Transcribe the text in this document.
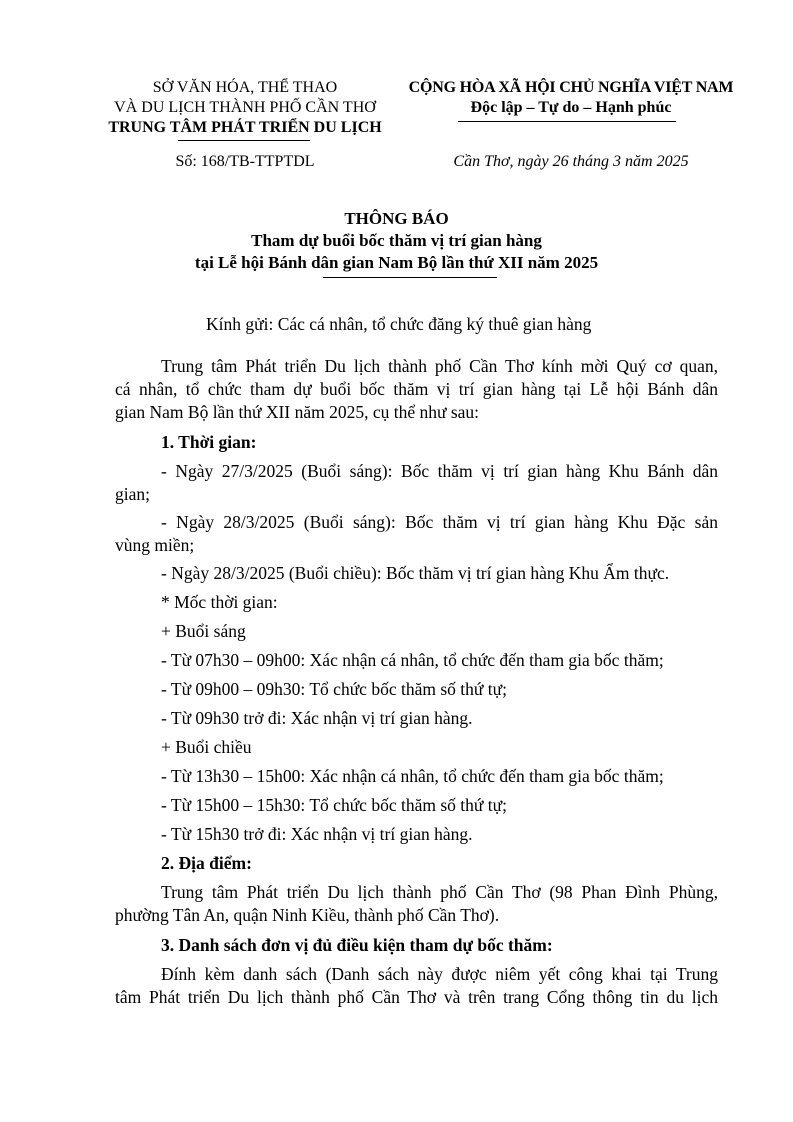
SỞ VĂN HÓA, THỂ THAO
VÀ DU LỊCH THÀNH PHỐ CẦN THƠ
TRUNG TÂM PHÁT TRIỂN DU LỊCH
Số: 168/TB-TTPTDL
CỘNG HÒA XÃ HỘI CHỦ NGHĨA VIỆT NAM
Độc lập – Tự do – Hạnh phúc
Cần Thơ, ngày 26 tháng 3 năm 2025
THÔNG BÁO
Tham dự buổi bốc thăm vị trí gian hàng
tại Lễ hội Bánh dân gian Nam Bộ lần thứ XII năm 2025
Kính gửi: Các cá nhân, tổ chức đăng ký thuê gian hàng
Trung tâm Phát triển Du lịch thành phố Cần Thơ kính mời Quý cơ quan,
cá nhân, tổ chức tham dự buổi bốc thăm vị trí gian hàng tại Lễ hội Bánh dân
gian Nam Bộ lần thứ XII năm 2025, cụ thể như sau:
1. Thời gian:
- Ngày 27/3/2025 (Buổi sáng): Bốc thăm vị trí gian hàng Khu Bánh dân
gian;
- Ngày 28/3/2025 (Buổi sáng): Bốc thăm vị trí gian hàng Khu Đặc sản
vùng miền;
- Ngày 28/3/2025 (Buổi chiều): Bốc thăm vị trí gian hàng Khu Ẩm thực.
* Mốc thời gian:
+ Buổi sáng
- Từ 07h30 – 09h00: Xác nhận cá nhân, tổ chức đến tham gia bốc thăm;
- Từ 09h00 – 09h30: Tổ chức bốc thăm số thứ tự;
- Từ 09h30 trở đi: Xác nhận vị trí gian hàng.
+ Buổi chiều
- Từ 13h30 – 15h00: Xác nhận cá nhân, tổ chức đến tham gia bốc thăm;
- Từ 15h00 – 15h30: Tổ chức bốc thăm số thứ tự;
- Từ 15h30 trở đi: Xác nhận vị trí gian hàng.
2. Địa điểm:
Trung tâm Phát triển Du lịch thành phố Cần Thơ (98 Phan Đình Phùng,
phường Tân An, quận Ninh Kiều, thành phố Cần Thơ).
3. Danh sách đơn vị đủ điều kiện tham dự bốc thăm:
Đính kèm danh sách (Danh sách này được niêm yết công khai tại Trung
tâm Phát triển Du lịch thành phố Cần Thơ và trên trang Cổng thông tin du lịch
